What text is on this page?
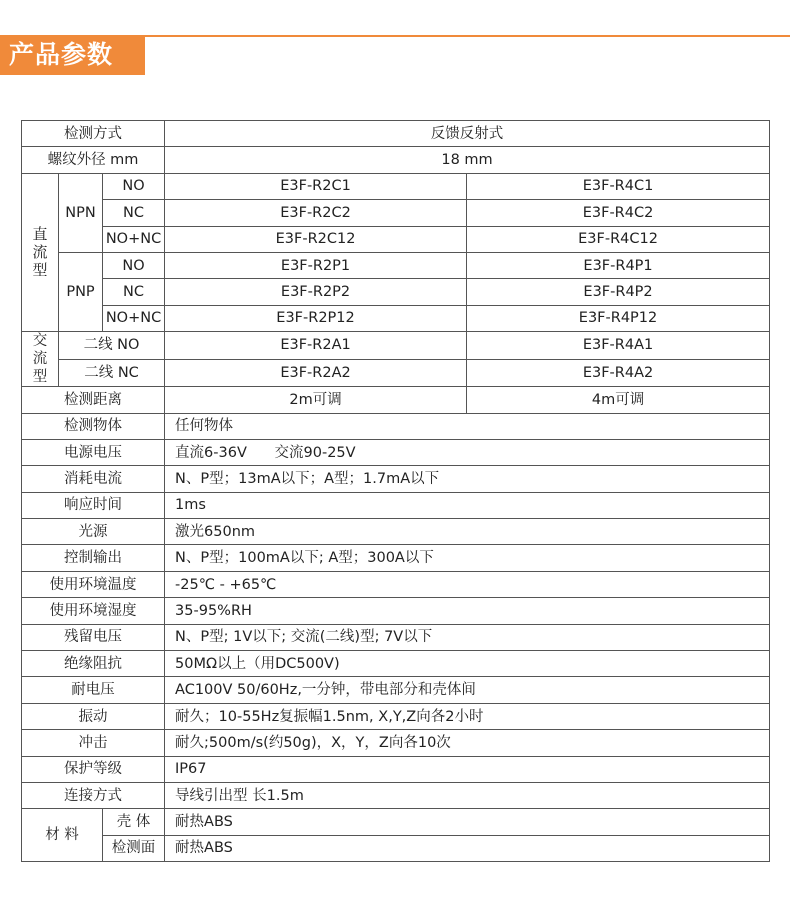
产品参数
检测方式			反馈反射式	
螺纹外径 mm			18 mm	
直
流
型	NPN	NO	E3F-R2C1	E3F-R4C1
		NC	E3F-R2C2	E3F-R4C2
		NO+NC	E3F-R2C12	E3F-R4C12
	PNP	NO	E3F-R2P1	E3F-R4P1
		NC	E3F-R2P2	E3F-R4P2
		NO+NC	E3F-R2P12	E3F-R4P12
交
流
型	二线 NO		E3F-R2A1	E3F-R4A1
	二线 NC		E3F-R2A2	E3F-R4A2
检测距离			2m可调	4m可调
检测物体			任何物体	
电源电压			直流6-36V      交流90-25V	
消耗电流			N、P型；13mA以下；A型；1.7mA以下	
响应时间			1ms	
光源			激光650nm	
控制输出			N、P型；100mA以下; A型；300A以下	
使用环境温度			-25℃ - +65℃	
使用环境湿度			35-95%RH	
残留电压			N、P型; 1V以下; 交流(二线)型; 7V以下	
绝缘阻抗			50MΩ以上（用DC500V)	
耐电压			AC100V 50/60Hz,一分钟，带电部分和壳体间	
振动			耐久；10-55Hz复振幅1.5nm, X,Y,Z向各2小时	
冲击			耐久;500m/s(约50g)，X，Y，Z向各10次	
保护等级			IP67	
连接方式			导线引出型 长1.5m	
材 料		壳 体	耐热ABS	
		检测面	耐热ABS	
